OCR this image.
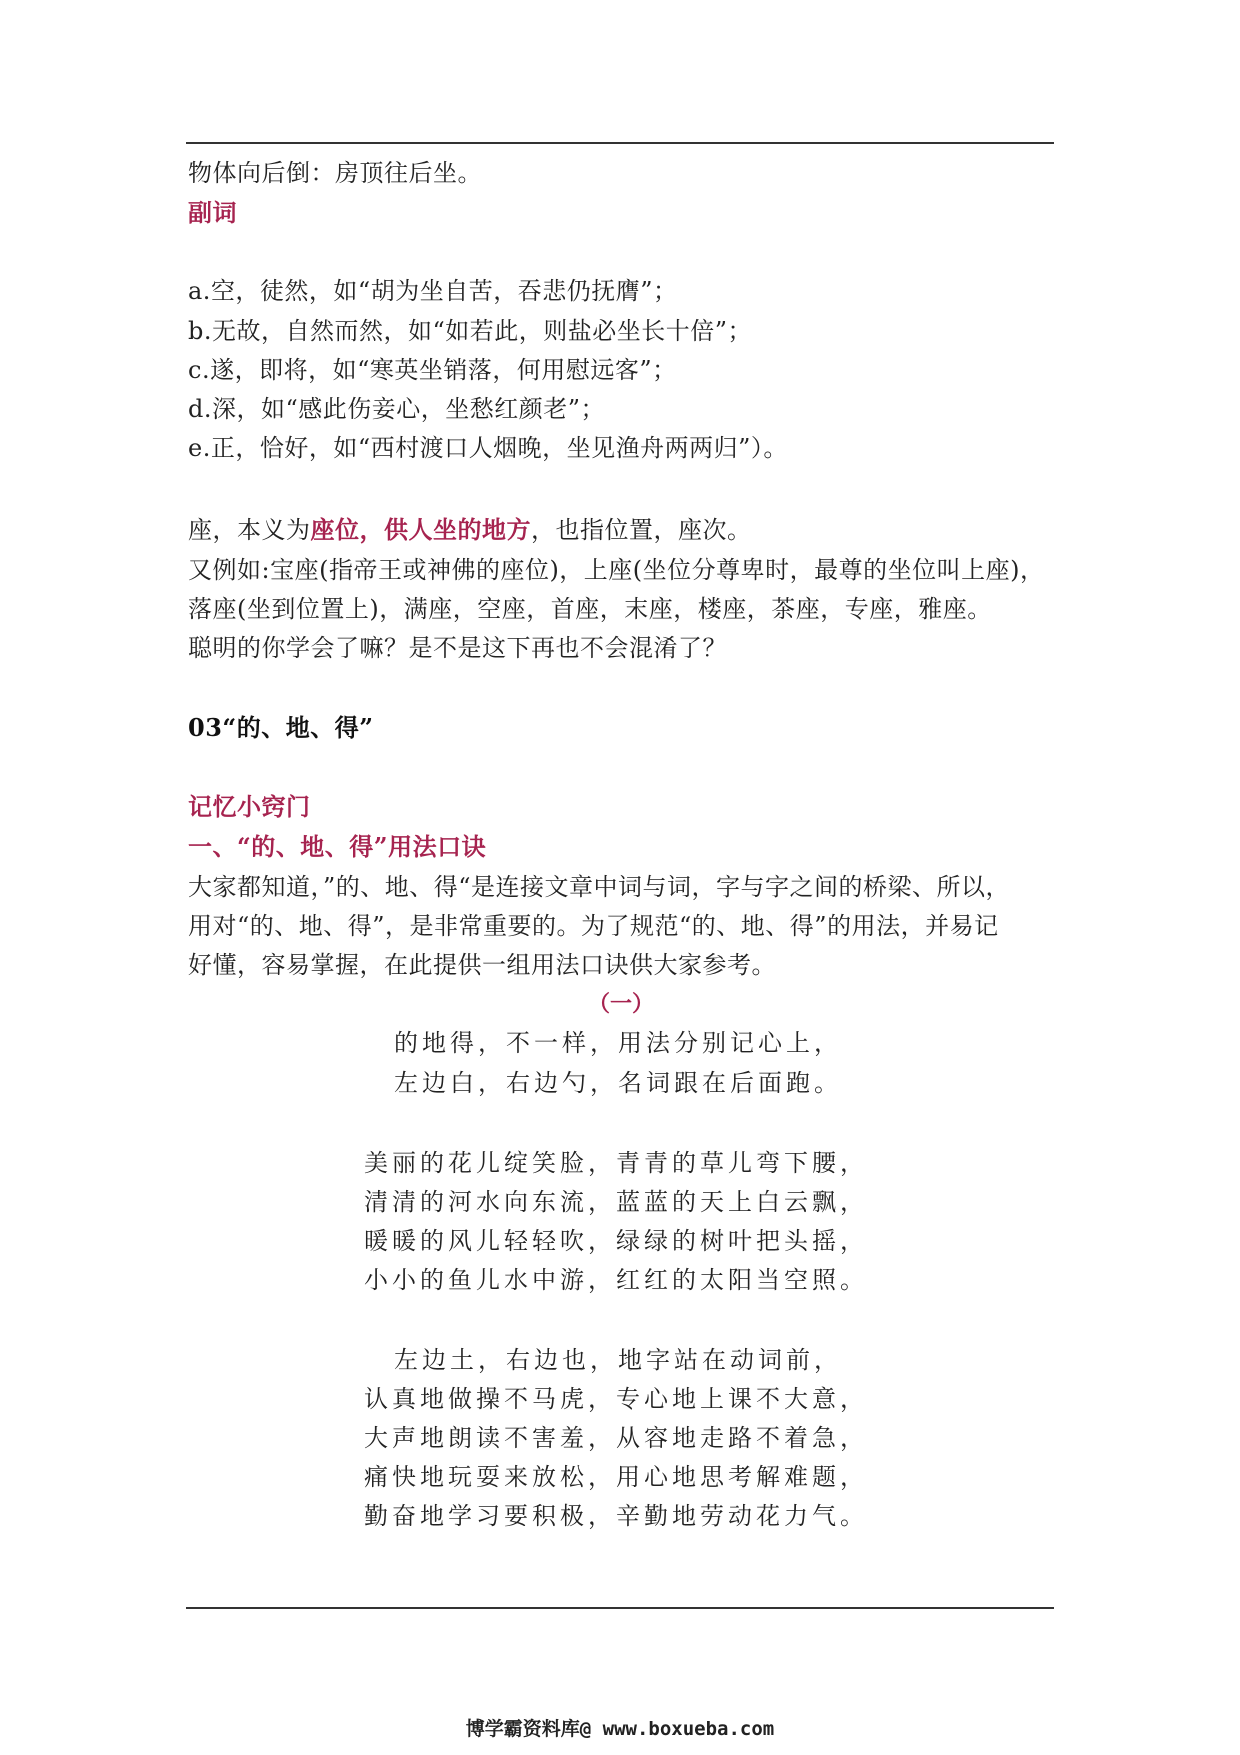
物体向后倒：房顶往后坐。
副词
a.空，徒然，如“胡为坐自苦，吞悲仍抚膺”；
b.无故，自然而然，如“如若此，则盐必坐长十倍”；
c.遂，即将，如“寒英坐销落，何用慰远客”；
d.深，如“感此伤妾心，坐愁红颜老”；
e.正，恰好，如“西村渡口人烟晚，坐见渔舟两两归”）。
座，本义为座位，供人坐的地方，也指位置，座次。
又例如:宝座(指帝王或神佛的座位)，上座(坐位分尊卑时，最尊的坐位叫上座)，
落座(坐到位置上)，满座，空座，首座，末座，楼座，茶座，专座，雅座。
聪明的你学会了嘛？是不是这下再也不会混淆了？
03“的、地、得”
记忆小窍门
一、“的、地、得”用法口诀
大家都知道，”的、地、得“是连接文章中词与词，字与字之间的桥梁、所以，
用对“的、地、得”，是非常重要的。为了规范“的、地、得”的用法，并易记
好懂，容易掌握，在此提供一组用法口诀供大家参考。
（一）
的地得，不一样，用法分别记心上，
左边白，右边勺，名词跟在后面跑。
美丽的花儿绽笑脸，青青的草儿弯下腰，
清清的河水向东流，蓝蓝的天上白云飘，
暖暖的风儿轻轻吹，绿绿的树叶把头摇，
小小的鱼儿水中游，红红的太阳当空照。
左边土，右边也，地字站在动词前，
认真地做操不马虎，专心地上课不大意，
大声地朗读不害羞，从容地走路不着急，
痛快地玩耍来放松，用心地思考解难题，
勤奋地学习要积极，辛勤地劳动花力气。
博学霸资料库@ www.boxueba.com
